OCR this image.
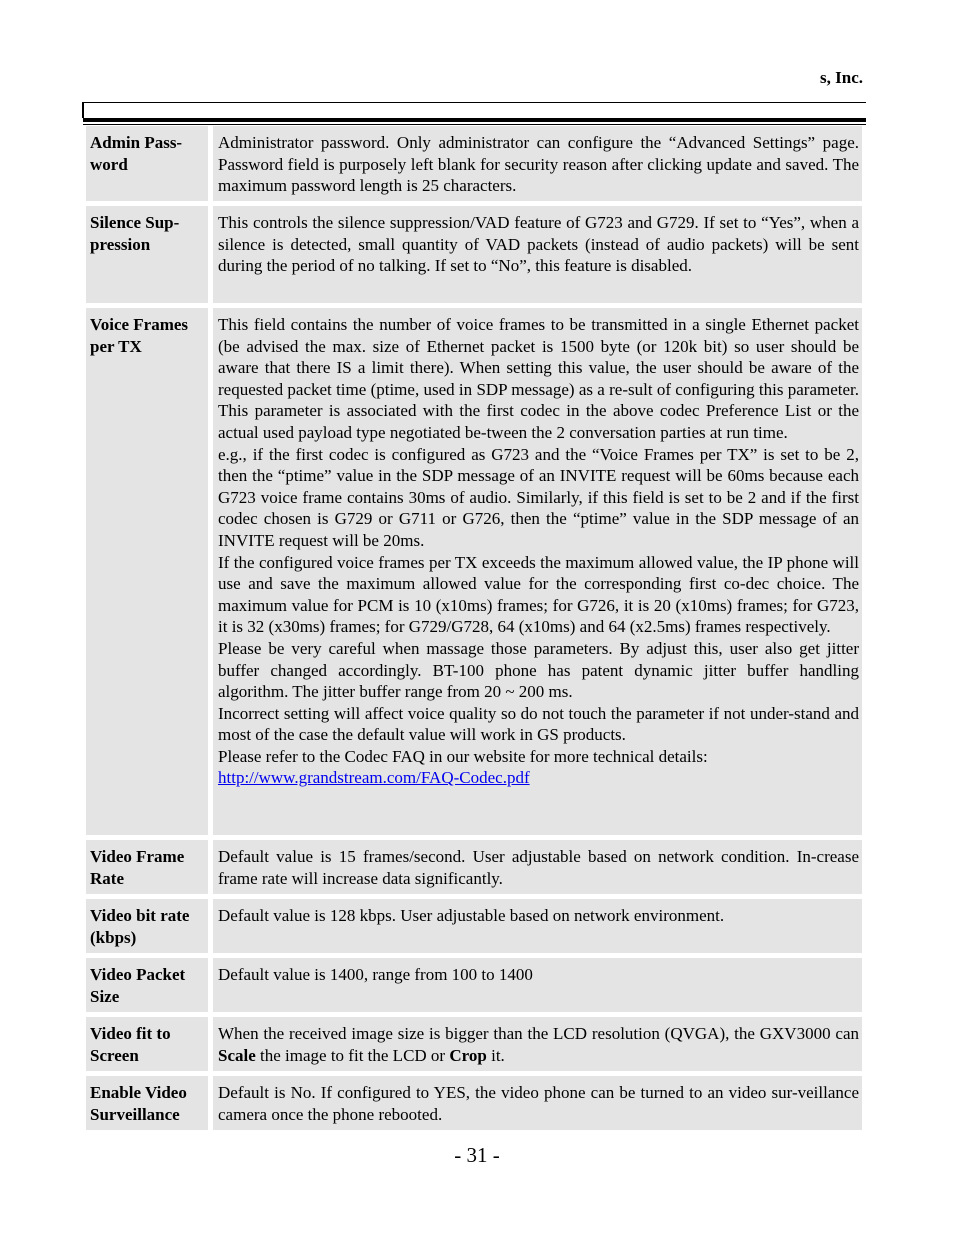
s, Inc.
Admin Pass-word

Administrator password. Only administrator can configure the “Advanced Settings” page. Password field is purposely left blank for security reason after clicking update and saved. The maximum password length is 25 characters.

Silence Sup-pression

This controls the silence suppression/VAD feature of G723 and G729. If set to “Yes”, when a silence is detected, small quantity of VAD packets (instead of audio packets) will be sent during the period of no talking. If set to “No”, this feature is disabled.

Voice Frames per TX

This field contains the number of voice frames to be transmitted in a single Ethernet packet (be advised the max. size of Ethernet packet is 1500 byte (or 120k bit) so user should be aware that there IS a limit there). When setting this value, the user should be aware of the requested packet time (ptime, used in SDP message) as a re-sult of configuring this parameter. This parameter is associated with the first codec in the above codec Preference List or the actual used payload type negotiated be-tween the 2 conversation parties at run time.

e.g., if the first codec is configured as G723 and the “Voice Frames per TX” is set to be 2, then the “ptime” value in the SDP message of an INVITE request will be 60ms because each G723 voice frame contains 30ms of audio. Similarly, if this field is set to be 2 and if the first codec chosen is G729 or G711 or G726, then the “ptime” value in the SDP message of an INVITE request will be 20ms.

If the configured voice frames per TX exceeds the maximum allowed value, the IP phone will use and save the maximum allowed value for the corresponding first co-dec choice. The maximum value for PCM is 10 (x10ms) frames; for G726, it is 20 (x10ms) frames; for G723, it is 32 (x30ms) frames; for G729/G728, 64 (x10ms) and 64 (x2.5ms) frames respectively.

Please be very careful when massage those parameters. By adjust this, user also get jitter buffer changed accordingly. BT-100 phone has patent dynamic jitter buffer handling algorithm. The jitter buffer range from 20 ~ 200 ms.

Incorrect setting will affect voice quality so do not touch the parameter if not under-stand and most of the case the default value will work in GS products.

Please refer to the Codec FAQ in our website for more technical details:

http://www.grandstream.com/FAQ-Codec.pdf

Video Frame Rate

Default value is 15 frames/second. User adjustable based on network condition. In-crease frame rate will increase data significantly.

Video bit rate (kbps)

Default value is 128 kbps. User adjustable based on network environment.

Video Packet Size

Default value is 1400, range from 100 to 1400

Video fit to Screen

When the received image size is bigger than the LCD resolution (QVGA), the GXV3000 can Scale the image to fit the LCD or Crop it.

Enable Video Surveillance

Default is No. If configured to YES, the video phone can be turned to an video sur-veillance camera once the phone rebooted.

- 31 -
